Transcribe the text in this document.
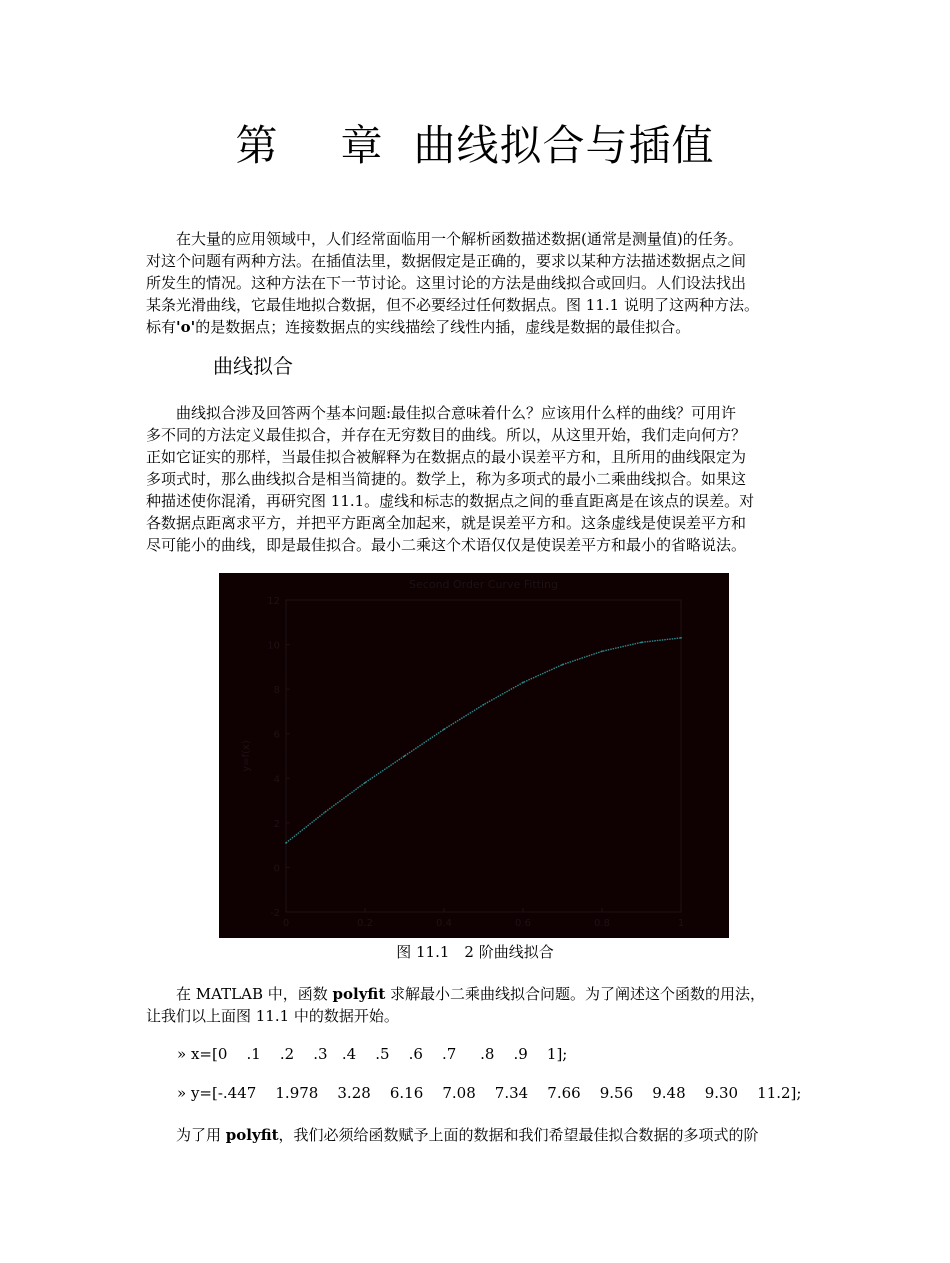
第 章 曲线拟合与插值
在大量的应用领域中，人们经常面临用一个解析函数描述数据(通常是测量值)的任务。
对这个问题有两种方法。在插值法里，数据假定是正确的，要求以某种方法描述数据点之间
所发生的情况。这种方法在下一节讨论。这里讨论的方法是曲线拟合或回归。人们设法找出
某条光滑曲线，它最佳地拟合数据，但不必要经过任何数据点。图 11.1 说明了这两种方法。
标有'o'的是数据点；连接数据点的实线描绘了线性内插，虚线是数据的最佳拟合。
曲线拟合
曲线拟合涉及回答两个基本问题:最佳拟合意味着什么？应该用什么样的曲线？可用许
多不同的方法定义最佳拟合，并存在无穷数目的曲线。所以，从这里开始，我们走向何方？
正如它证实的那样，当最佳拟合被解释为在数据点的最小误差平方和，且所用的曲线限定为
多项式时，那么曲线拟合是相当简捷的。数学上，称为多项式的最小二乘曲线拟合。如果这
种描述使你混淆，再研究图 11.1。虚线和标志的数据点之间的垂直距离是在该点的误差。对
各数据点距离求平方，并把平方距离全加起来，就是误差平方和。这条虚线是使误差平方和
尽可能小的曲线，即是最佳拟合。最小二乘这个术语仅仅是使误差平方和最小的省略说法。
Second Order Curve Fitting
-2
0
2
4
6
8
10
12
0	0.2	0.4	0.6	0.8	1
y=f(x)
图 11.1　2 阶曲线拟合
在 MATLAB 中，函数 polyfit 求解最小二乘曲线拟合问题。为了阐述这个函数的用法，
让我们以上面图 11.1 中的数据开始。
» x=[0    .1    .2    .3   .4    .5    .6    .7     .8    .9    1];
» y=[-.447    1.978    3.28    6.16    7.08    7.34    7.66    9.56    9.48    9.30    11.2];
为了用 polyfit，我们必须给函数赋予上面的数据和我们希望最佳拟合数据的多项式的阶
